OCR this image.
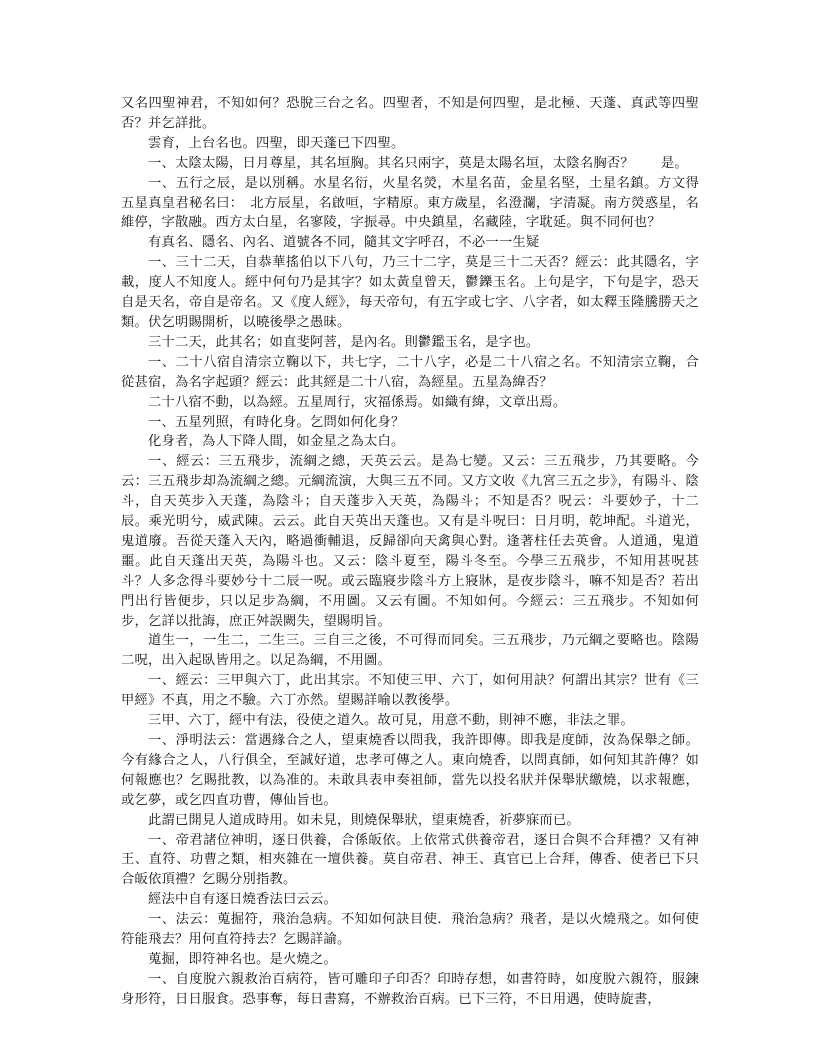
又名四聖神君，不知如何？恐脫三台之名。四聖者，不知是何四聖，是北極、天蓬、真武等四聖否？并乞詳批。

雲育，上台名也。四聖，即天蓬已下四聖。

一、太陰太陽，日月尊星，其名垣胸。其名只兩字，莫是太陽名垣，太陰名胸否？　　是。

一、五行之辰，是以別稱。水星名衍，火星名熒，木星名苗，金星名堅，土星名鎮。方文得五星真皇君秘名曰：　北方辰星，名啟咺，字精原。東方歲星，名澄瀾，字清凝。南方熒惑星，名維停，字散融。西方太白星，名寥陵，字振尋。中央鎮星，名藏陸，字耽延。與不同何也？

有真名、隱名、內名、道號各不同，隨其文字呼召，不必一一生疑

一、三十二天，自恭華搖伯以下八句，乃三十二字，莫是三十二天否？經云：此其隱名，字載，度人不知度人。經中何句乃是其字？如太黃皇曾天，鬱鑠玉名。上句是字，下句是字，恐天自是天名，帝自是帝名。又《度人經》，每天帝句，有五字或七字、八字者，如太釋玉隆騰勝天之類。伏乞明賜開析，以曉後學之愚昧。

三十二天，此其名；如直斐阿菩，是內名。則鬱鑑玉名，是字也。

一、二十八宿自清宗立鞠以下，共七字，二十八字，必是二十八宿之名。不知清宗立鞠，合從甚宿，為名字起頭？經云：此其經是二十八宿，為經星。五星為緯否？

二十八宿不動，以為經。五星周行，灾福係焉。如織有緯，文章出焉。

一、五星列照，有時化身。乞問如何化身？

化身者，為人下降人間，如金星之為太白。

一、經云：三五飛步，流綱之總，天英云云。是為七變。又云：三五飛步，乃其要略。今云：三五飛步却為流綱之總。元綱流演，大與三五不同。又方文收《九宮三五之步》，有陽斗、陰斗，自天英步入天蓬，為陰斗；自天蓬步入天英，為陽斗；不知是否？呪云：斗要妙子，十二辰。乘光明兮，威武陳。云云。此自天英出天蓬也。又有是斗呪曰：日月明，乾坤配。斗道光，鬼道廢。吾從天蓬入天內，略過衝輔退，反歸卻向天禽與心對。逢著柱任去英會。人道通，鬼道噩。此自天蓬出天英，為陽斗也。又云：陰斗夏至，陽斗冬至。今學三五飛步，不知用甚呪甚斗？人多念得斗要妙兮十二辰一呪。或云臨寢步陰斗方上寢牀，是夜步陰斗，嘛不知是否？若出門出行皆便步，只以足步為綱，不用圖。又云有圖。不知如何。今經云：三五飛步。不知如何步，乞詳以批誨，庶正舛誤闕失，望賜明旨。

道生一，一生二，二生三。三自三之後，不可得而同矣。三五飛步，乃元綱之要略也。陰陽二呪，出入起臥皆用之。以足為綱，不用圖。

一、經云：三甲與六丁，此出其宗。不知使三甲、六丁，如何用訣？何謂出其宗？世有《三甲經》不真，用之不驗。六丁亦然。望賜詳喻以教後學。

三甲、六丁，經中有法，役使之道久。故可見，用意不動，則神不應，非法之罪。

一、淨明法云：當遇緣合之人，望東燒香以問我，我許即傳。即我是度師，汝為保舉之師。今有緣合之人，八行俱全，至誠好道，忠孝可傳之人。東向燒香，以問真師，如何知其許傳？如何報應也？乞賜批教，以為准的。未敢具表申奏祖師，當先以投名狀并保舉狀繳燒，以求報應，或乞夢，或乞四直功曹，傳仙旨也。

此謂已開見人道成時用。如未見，則燒保舉狀，望東燒香，祈夢寐而已。

一、帝君諸位神明，逐日供養，合係皈依。上依常式供養帝君，逐日合與不合拜禮？又有神王、直符、功曹之類，相夾雜在一壇供養。莫自帝君、神王、真官已上合拜，傳香、使者已下只合皈依頂禮？乞賜分別指教。

經法中自有逐日燒香法曰云云。

一、法云：蒐掘符，飛治急病。不知如何訣目使．飛治急病？飛者，是以火燒飛之。如何使符能飛去？用何直符持去？乞賜詳諭。

蒐掘，即符神名也。是火燒之。

一、自度脫六親救治百病符，皆可雕印子印否？印時存想，如書符時，如度脫六親符，服鍊身形符，日日服食。恐事奪，每日書寫，不辦救治百病。已下三符，不日用遇，使時旋書，
